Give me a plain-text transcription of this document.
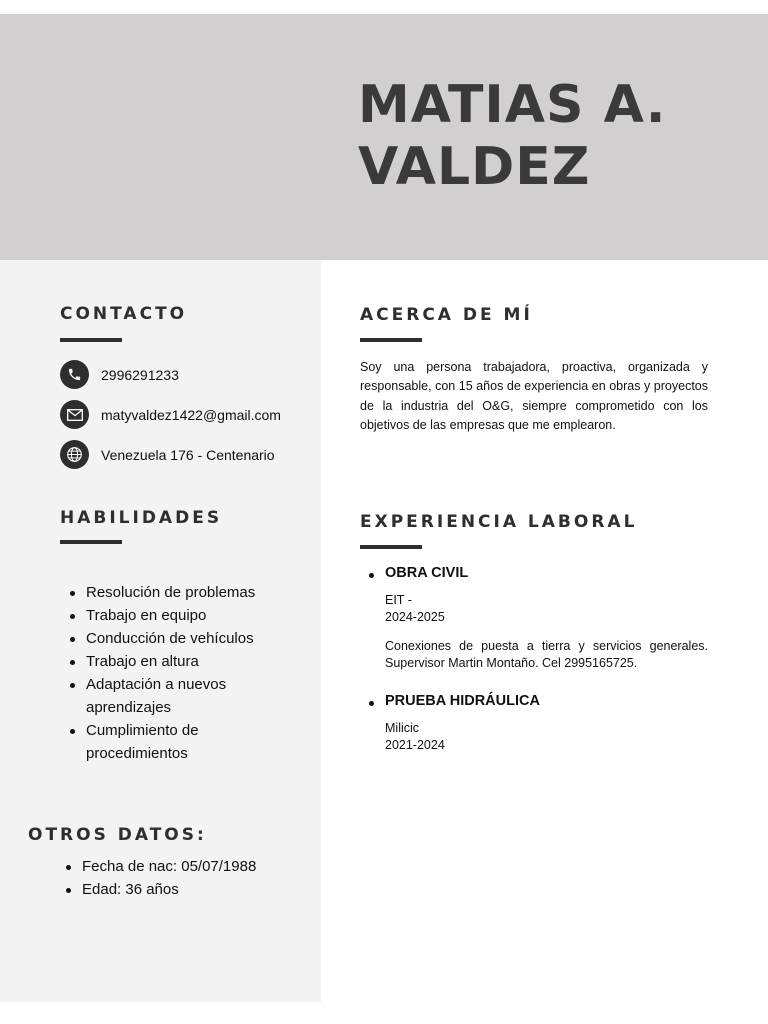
MATIAS A.
VALDEZ
CONTACTO
2996291233
matyvaldez1422@gmail.com
Venezuela 176 - Centenario
HABILIDADES
Resolución de problemas
Trabajo en equipo
Conducción de vehículos
Trabajo en altura
Adaptación a nuevos aprendizajes
Cumplimiento de procedimientos
OTROS DATOS:
Fecha de nac: 05/07/1988
Edad: 36 años
ACERCA DE MÍ

Soy una persona trabajadora, proactiva, organizada y responsable, con 15 años de experiencia en obras y proyectos de la industria del O&G, siempre comprometido con los objetivos de las empresas que me emplearon.

EXPERIENCIA LABORAL
OBRA CIVIL
EIT -
2024-2025
Conexiones de puesta a tierra y servicios generales. Supervisor Martin Montaño. Cel 2995165725.
PRUEBA HIDRÁULICA
Milicic
2021-2024
